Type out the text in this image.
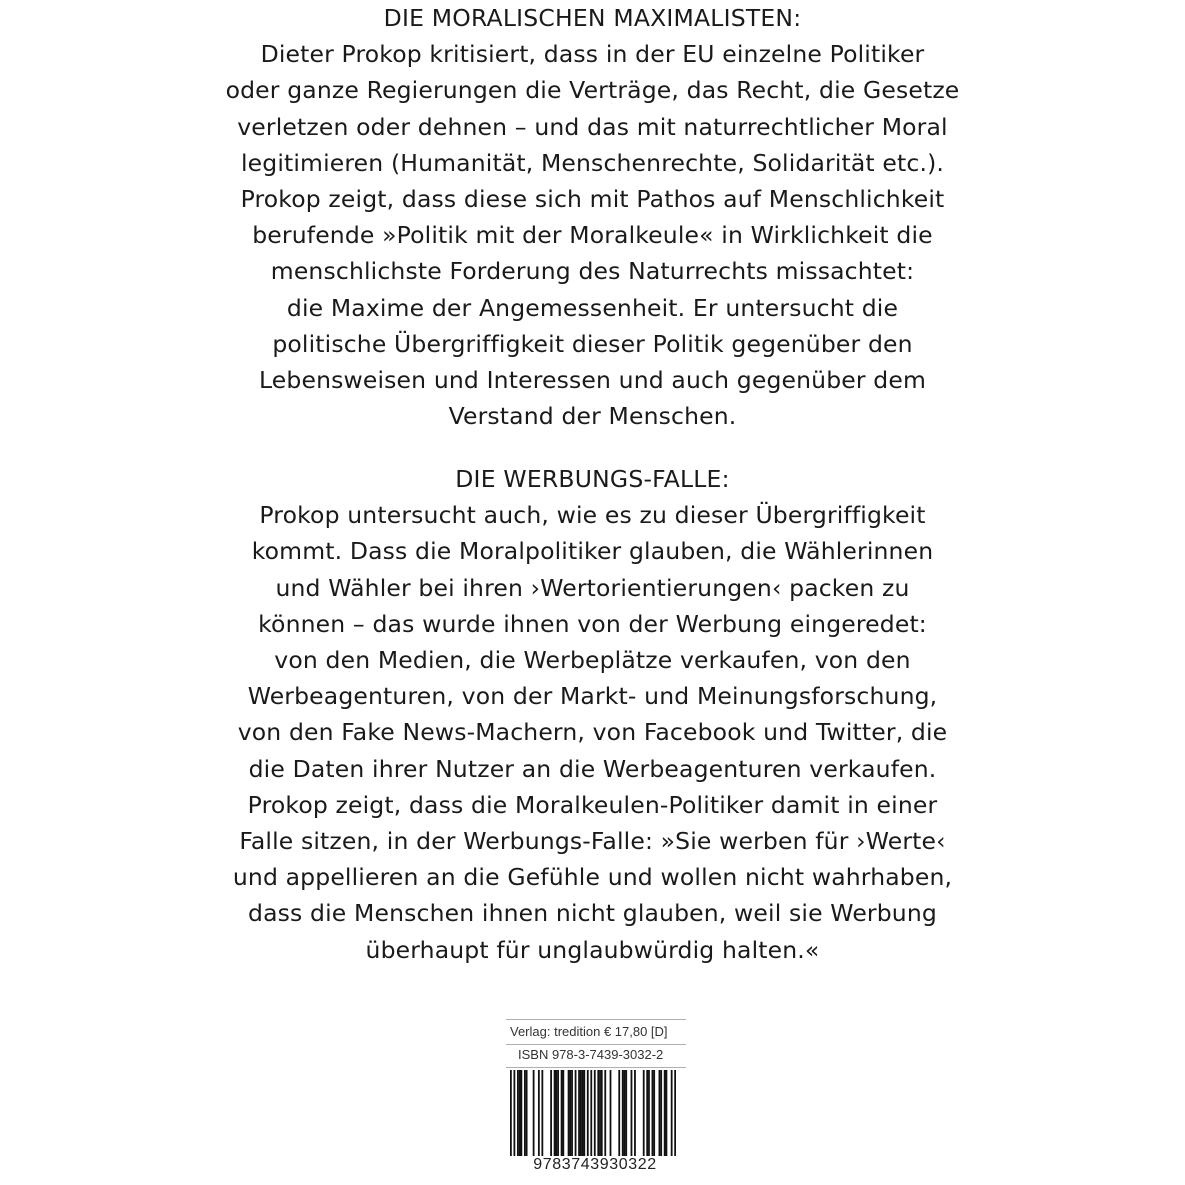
DIE MORALISCHEN MAXIMALISTEN:

Dieter Prokop kritisiert, dass in der EU einzelne Politiker

oder ganze Regierungen die Verträge, das Recht, die Gesetze

verletzen oder dehnen – und das mit naturrechtlicher Moral

legitimieren (Humanität, Menschenrechte, Solidarität etc.).

Prokop zeigt, dass diese sich mit Pathos auf Menschlichkeit

berufende »Politik mit der Moralkeule« in Wirklichkeit die

menschlichste Forderung des Naturrechts missachtet:

die Maxime der Angemessenheit. Er untersucht die

politische Übergriffigkeit dieser Politik gegenüber den

Lebensweisen und Interessen und auch gegenüber dem

Verstand der Menschen.

DIE WERBUNGS-FALLE:

Prokop untersucht auch, wie es zu dieser Übergriffigkeit

kommt. Dass die Moralpolitiker glauben, die Wählerinnen

und Wähler bei ihren ›Wertorientierungen‹ packen zu

können – das wurde ihnen von der Werbung eingeredet:

von den Medien, die Werbeplätze verkaufen, von den

Werbeagenturen, von der Markt- und Meinungsforschung,

von den Fake News-Machern, von Facebook und Twitter, die

die Daten ihrer Nutzer an die Werbeagenturen verkaufen.

Prokop zeigt, dass die Moralkeulen-Politiker damit in einer

Falle sitzen, in der Werbungs-Falle: »Sie werben für ›Werte‹

und appellieren an die Gefühle und wollen nicht wahrhaben,

dass die Menschen ihnen nicht glauben, weil sie Werbung

überhaupt für unglaubwürdig halten.«

Verlag: tredition € 17,80 [D]
ISBN 978-3-7439-3032-2
9783743930322
